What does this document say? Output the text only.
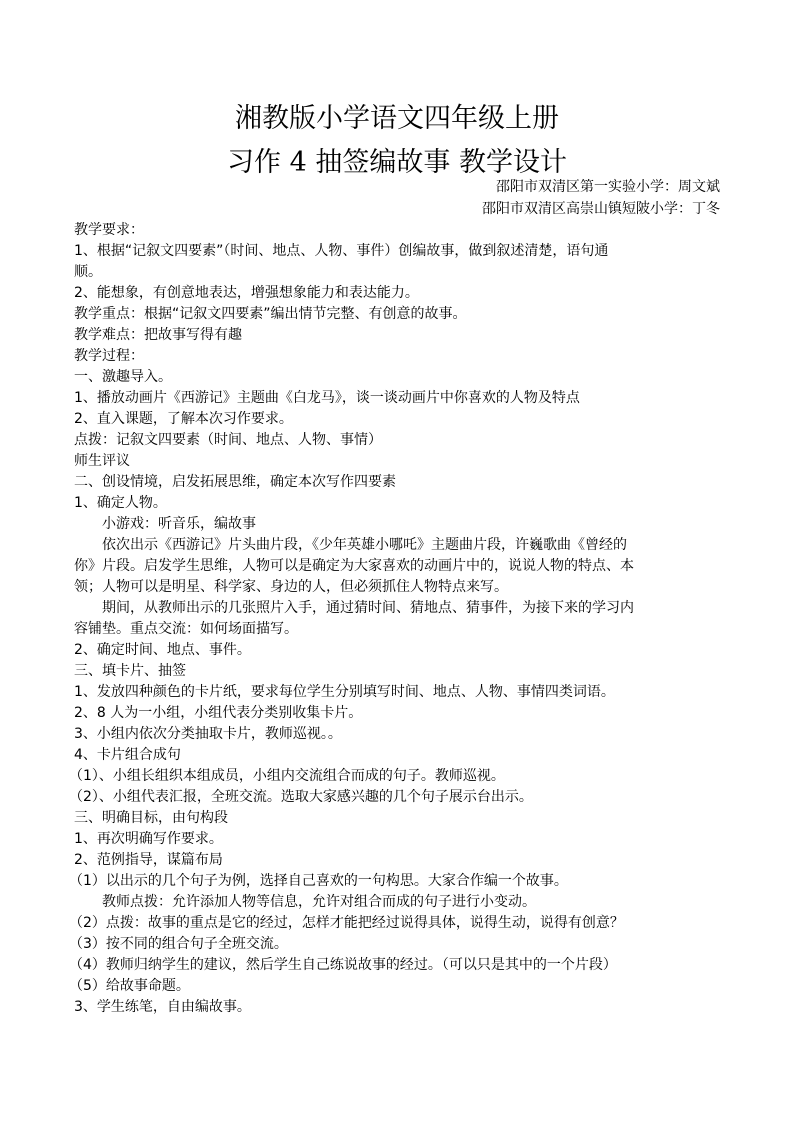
湘教版小学语文四年级上册
习作 4 抽签编故事 教学设计
邵阳市双清区第一实验小学：周文斌
邵阳市双清区高崇山镇短陂小学：丁冬
教学要求：
1、根据“记叙文四要素”（时间、地点、人物、事件）创编故事，做到叙述清楚，语句通
顺。
2、能想象，有创意地表达，增强想象能力和表达能力。
教学重点：根据“记叙文四要素”编出情节完整、有创意的故事。
教学难点：把故事写得有趣
教学过程：
一、激趣导入。
1、播放动画片《西游记》主题曲《白龙马》，谈一谈动画片中你喜欢的人物及特点
2、直入课题，了解本次习作要求。
点拨：记叙文四要素（时间、地点、人物、事情）
师生评议
二、创设情境，启发拓展思维，确定本次写作四要素
1、确定人物。
小游戏：听音乐，编故事
依次出示《西游记》片头曲片段，《少年英雄小哪吒》主题曲片段，许巍歌曲《曾经的
你》片段。启发学生思维，人物可以是确定为大家喜欢的动画片中的，说说人物的特点、本
领；人物可以是明星、科学家、身边的人，但必须抓住人物特点来写。
期间，从教师出示的几张照片入手，通过猜时间、猜地点、猜事件，为接下来的学习内
容铺垫。重点交流：如何场面描写。
2、确定时间、地点、事件。
三、填卡片、抽签
1、发放四种颜色的卡片纸，要求每位学生分别填写时间、地点、人物、事情四类词语。
2、8 人为一小组，小组代表分类别收集卡片。
3、小组内依次分类抽取卡片，教师巡视。。
4、卡片组合成句
（1）、小组长组织本组成员，小组内交流组合而成的句子。教师巡视。
（2）、小组代表汇报，全班交流。选取大家感兴趣的几个句子展示台出示。
三、明确目标，由句构段
1、再次明确写作要求。
2、范例指导，谋篇布局
（1）以出示的几个句子为例，选择自己喜欢的一句构思。大家合作编一个故事。
教师点拨：允许添加人物等信息，允许对组合而成的句子进行小变动。
（2）点拨：故事的重点是它的经过，怎样才能把经过说得具体，说得生动，说得有创意？
（3）按不同的组合句子全班交流。
（4）教师归纳学生的建议，然后学生自己练说故事的经过。（可以只是其中的一个片段）
（5）给故事命题。
3、学生练笔，自由编故事。
